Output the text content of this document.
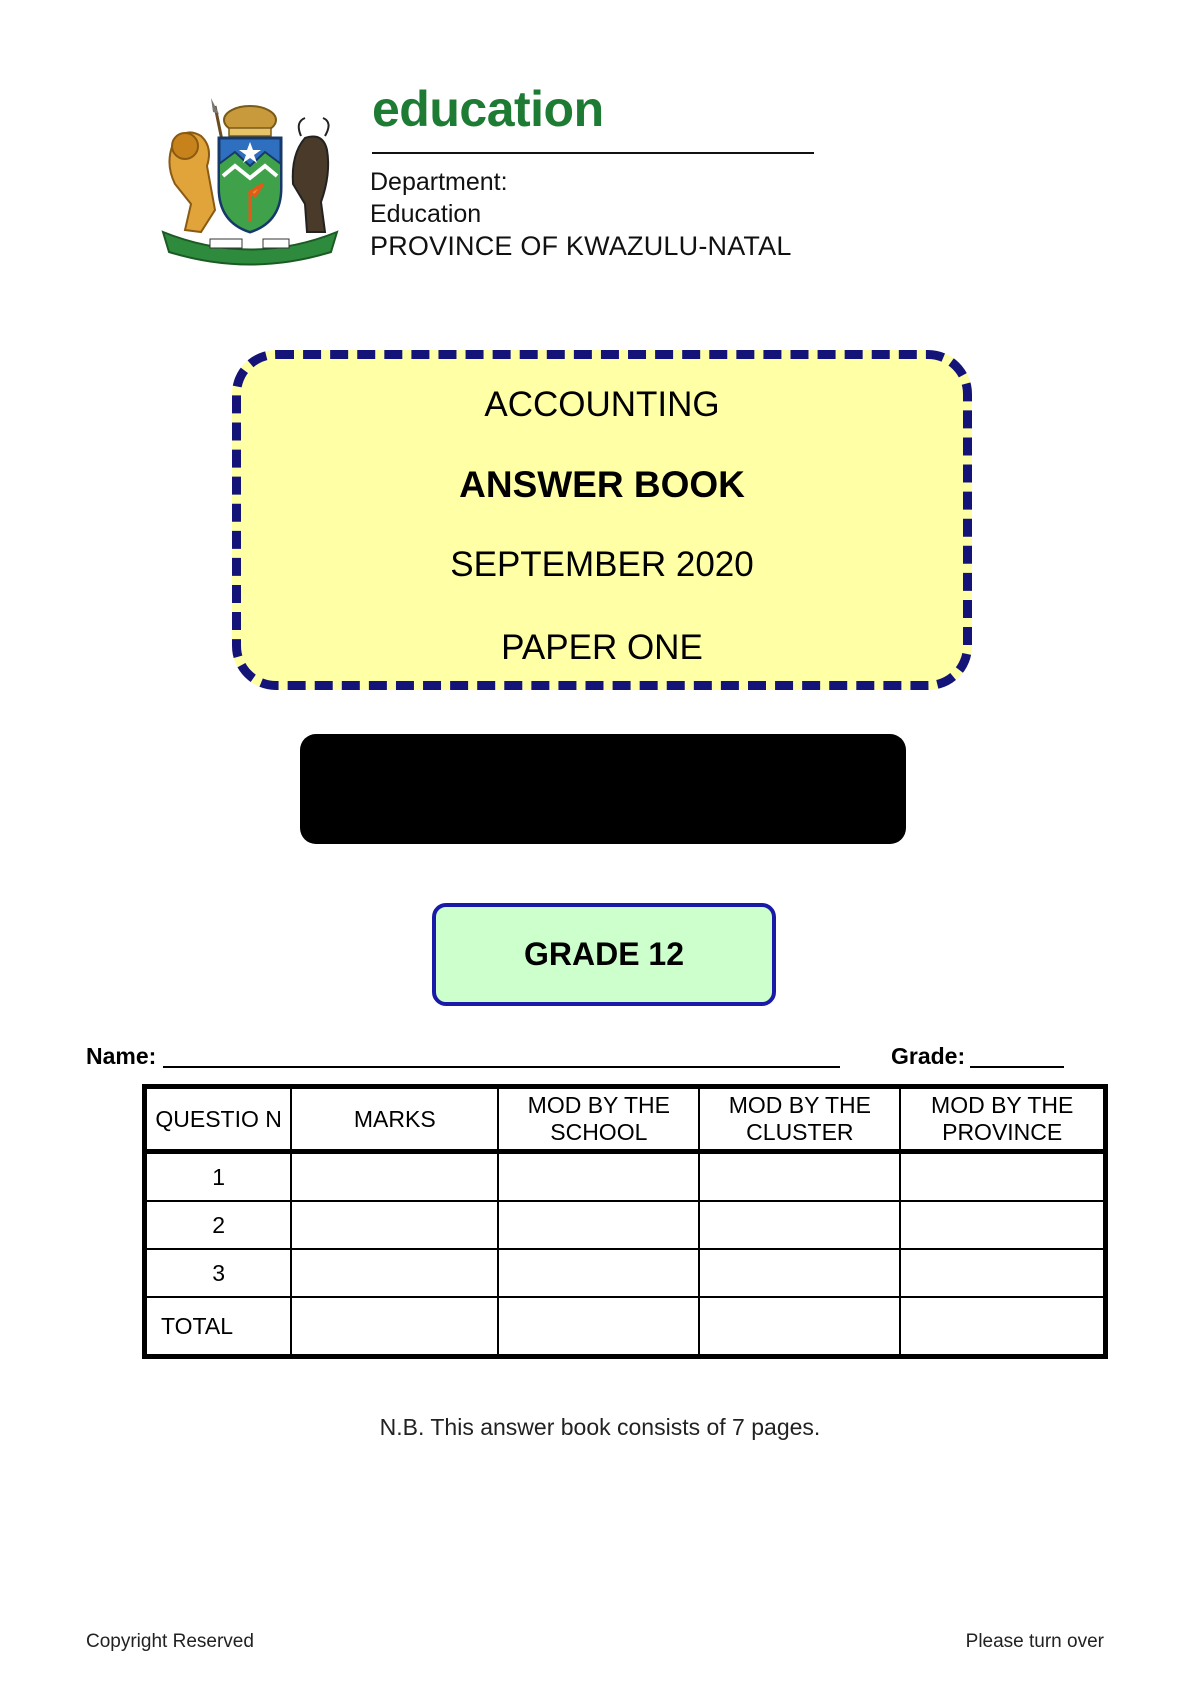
education
Department:
Education
PROVINCE OF KWAZULU-NATAL
ACCOUNTING
ANSWER BOOK
SEPTEMBER 2020
PAPER ONE
GRADE 12
Name:	Grade:
QUESTIO N	MARKS	MOD BY THE SCHOOL	MOD BY THE CLUSTER	MOD BY THE PROVINCE
1				
2				
3				
TOTAL				
N.B. This answer book consists of 7 pages.
Copyright Reserved	Please turn over
